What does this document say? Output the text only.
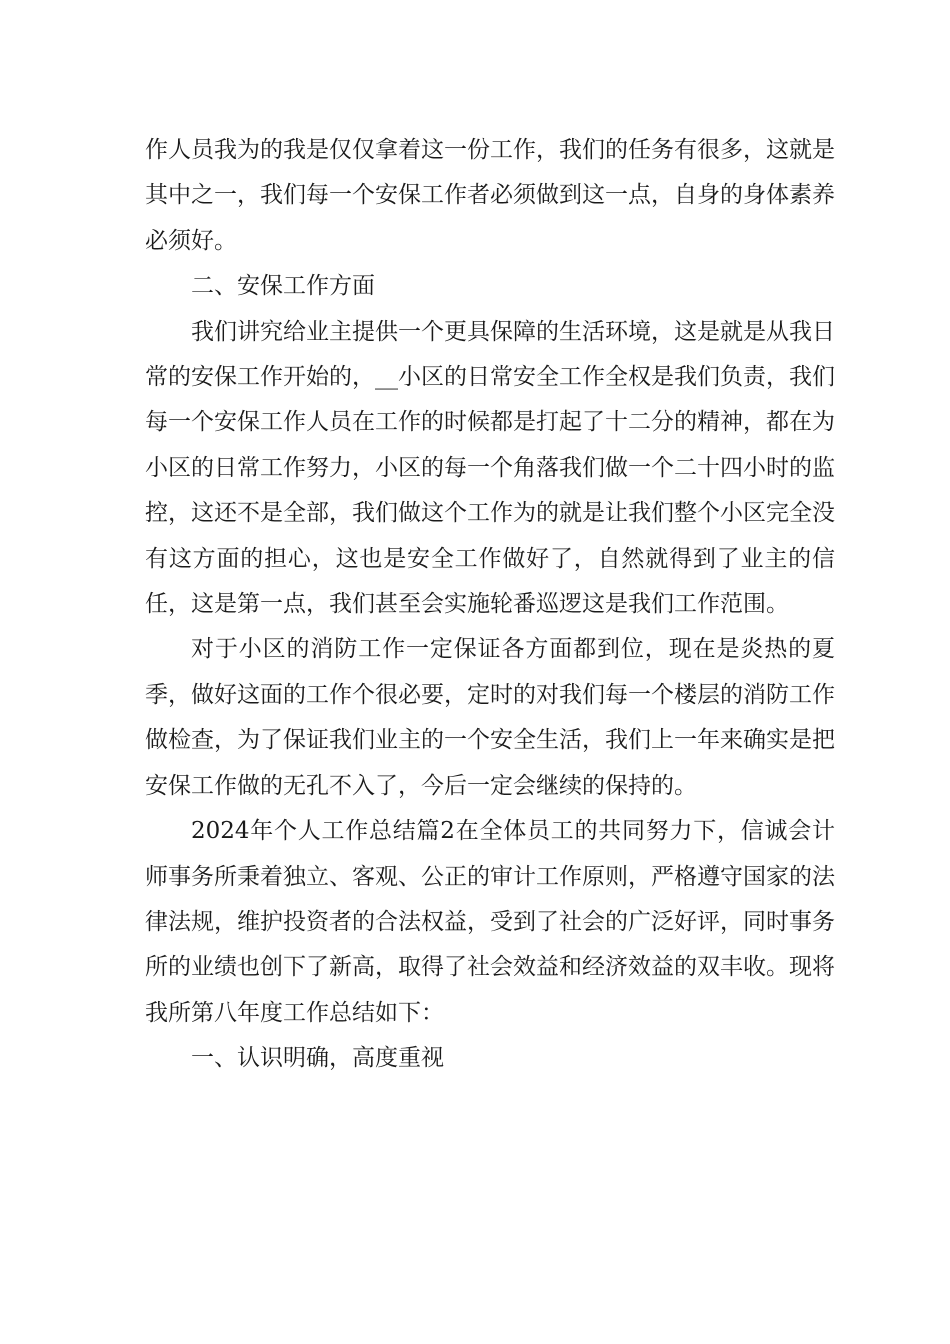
作人员我为的我是仅仅拿着这一份工作，我们的任务有很多，这就是其中之一，我们每一个安保工作者必须做到这一点，自身的身体素养必须好。

二、安保工作方面

我们讲究给业主提供一个更具保障的生活环境，这是就是从我日常的安保工作开始的，__小区的日常安全工作全权是我们负责，我们每一个安保工作人员在工作的时候都是打起了十二分的精神，都在为小区的日常工作努力，小区的每一个角落我们做一个二十四小时的监控，这还不是全部，我们做这个工作为的就是让我们整个小区完全没有这方面的担心，这也是安全工作做好了，自然就得到了业主的信任，这是第一点，我们甚至会实施轮番巡逻这是我们工作范围。

对于小区的消防工作一定保证各方面都到位，现在是炎热的夏季，做好这面的工作个很必要，定时的对我们每一个楼层的消防工作做检查，为了保证我们业主的一个安全生活，我们上一年来确实是把安保工作做的无孔不入了，今后一定会继续的保持的。

2024年个人工作总结篇2在全体员工的共同努力下，信诚会计师事务所秉着独立、客观、公正的审计工作原则，严格遵守国家的法律法规，维护投资者的合法权益，受到了社会的广泛好评，同时事务所的业绩也创下了新高，取得了社会效益和经济效益的双丰收。现将我所第八年度工作总结如下：

一、认识明确，高度重视
